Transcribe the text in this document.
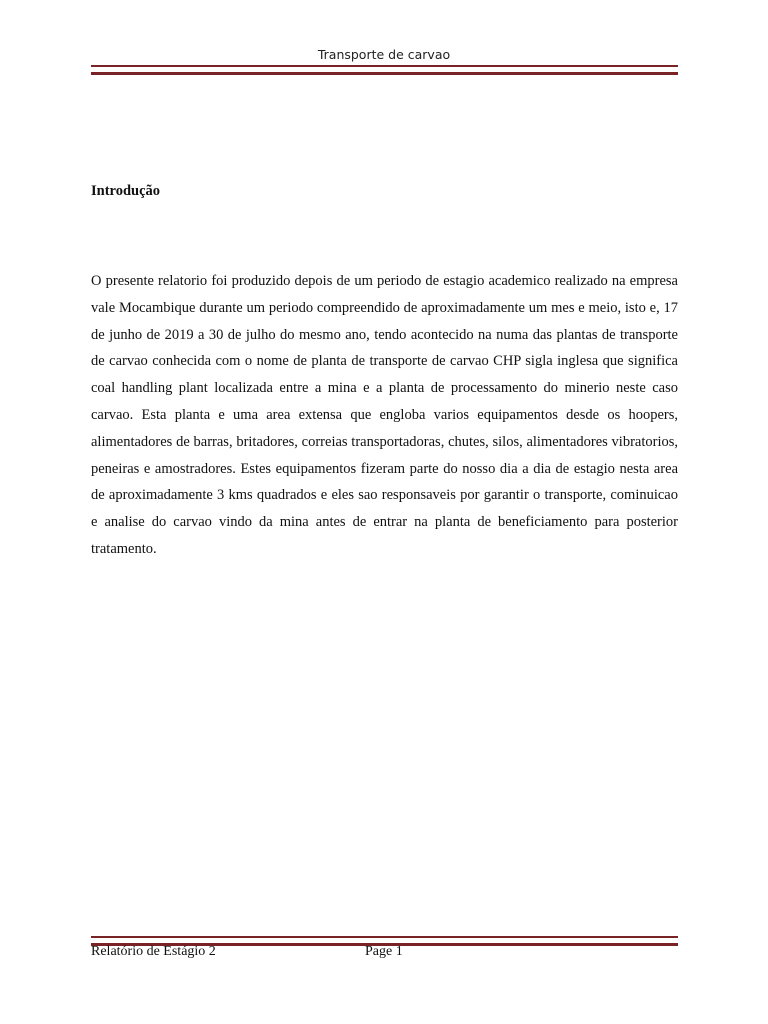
Transporte de carvao
Introdução

O presente relatorio foi produzido depois de um periodo de estagio academico realizado na empresa vale Mocambique durante um periodo compreendido de aproximadamente um mes e meio, isto e, 17 de junho de 2019 a 30 de julho do mesmo ano, tendo acontecido na numa das plantas de transporte de carvao conhecida com o nome de planta de transporte de carvao CHP sigla inglesa que significa coal handling plant localizada entre a mina e a planta de processamento do minerio neste caso carvao. Esta planta e uma area extensa que engloba varios equipamentos desde os hoopers, alimentadores de barras, britadores, correias transportadoras, chutes, silos, alimentadores vibratorios, peneiras e amostradores. Estes equipamentos fizeram parte do nosso dia a dia de estagio nesta area de aproximadamente 3 kms quadrados e eles sao responsaveis por garantir o transporte, cominuicao e analise do carvao vindo da mina antes de entrar na planta de beneficiamento para posterior tratamento.

Relatório de Estágio 2	Page 1
